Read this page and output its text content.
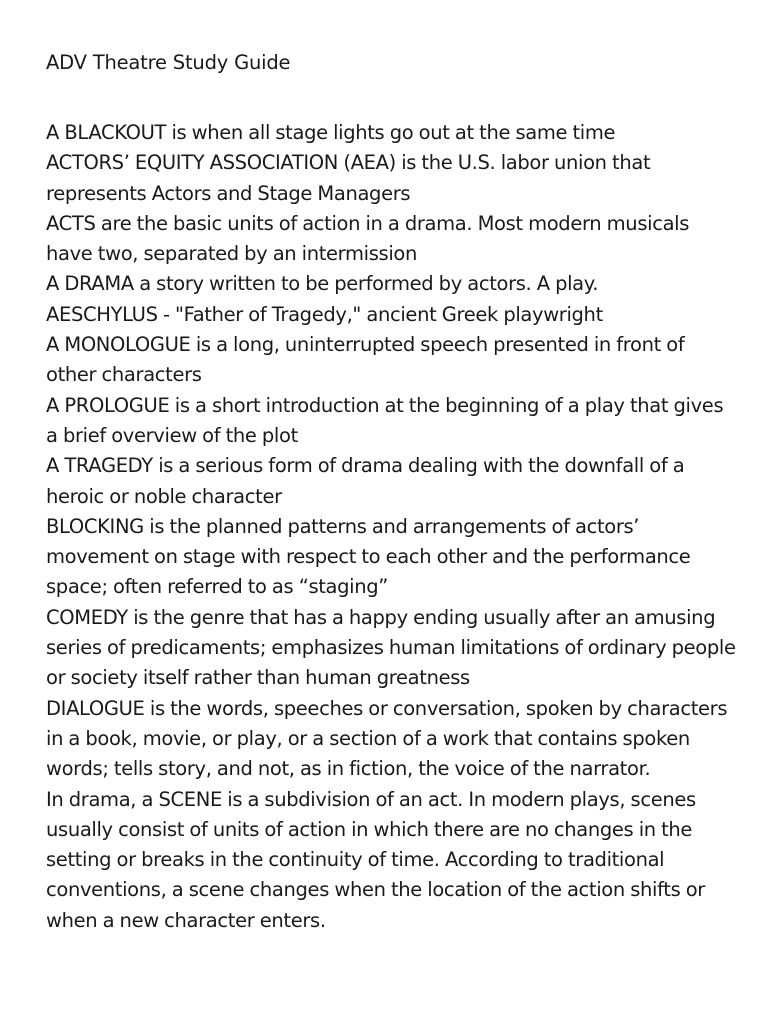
ADV Theatre Study Guide
A BLACKOUT is when all stage lights go out at the same time
ACTORS’ EQUITY ASSOCIATION (AEA) is the U.S. labor union that represents Actors and Stage Managers
ACTS are the basic units of action in a drama. Most modern musicals have two, separated by an intermission
A DRAMA a story written to be performed by actors. A play.
AESCHYLUS - "Father of Tragedy," ancient Greek playwright
A MONOLOGUE is a long, uninterrupted speech presented in front of other characters
A PROLOGUE is a short introduction at the beginning of a play that gives a brief overview of the plot
A TRAGEDY is a serious form of drama dealing with the downfall of a heroic or noble character
BLOCKING is the planned patterns and arrangements of actors’ movement on stage with respect to each other and the performance space; often referred to as “staging”
COMEDY is the genre that has a happy ending usually after an amusing series of predicaments; emphasizes human limitations of ordinary people or society itself rather than human greatness
DIALOGUE is the words, speeches or conversation, spoken by characters in a book, movie, or play, or a section of a work that contains spoken words; tells story, and not, as in fiction, the voice of the narrator.
In drama, a SCENE is a subdivision of an act. In modern plays, scenes usually consist of units of action in which there are no changes in the setting or breaks in the continuity of time. According to traditional conventions, a scene changes when the location of the action shifts or when a new character enters.
